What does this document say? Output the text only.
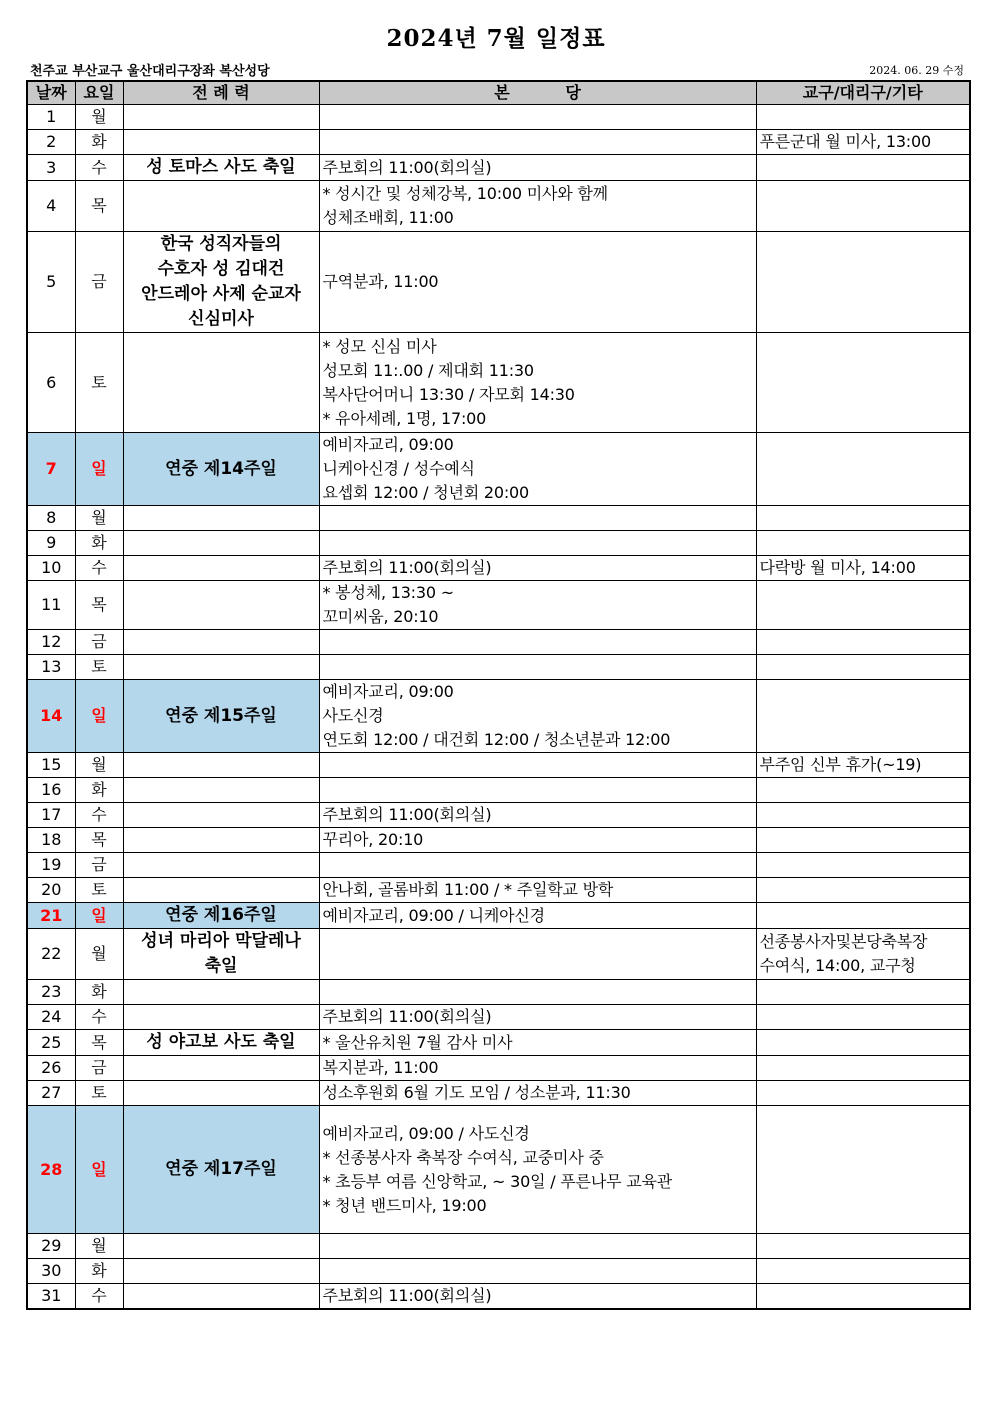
2024년 7월 일정표
천주교 부산교구 울산대리구장좌 복산성당	2024. 06. 29 수정
날짜	요일	전 례 력	본          당	교구/대리구/기타
1	월			
2	화			푸른군대 월 미사, 13:00
3	수	성 토마스 사도 축일	주보회의 11:00(회의실)	
4	목		* 성시간 및 성체강복, 10:00 미사와 함께
성체조배회, 11:00	
5	금	한국 성직자들의
수호자 성 김대건
안드레아 사제 순교자
신심미사	구역분과, 11:00	
6	토		* 성모 신심 미사
성모회 11:.00 / 제대회 11:30
복사단어머니 13:30 / 자모회 14:30
* 유아세례, 1명, 17:00	
7	일	연중 제14주일	예비자교리, 09:00
니케아신경 / 성수예식
요셉회 12:00 / 청년회 20:00	
8	월			
9	화			
10	수		주보회의 11:00(회의실)	다락방 월 미사, 14:00
11	목		* 봉성체, 13:30 ~
꼬미씨움, 20:10	
12	금			
13	토			
14	일	연중 제15주일	예비자교리, 09:00
사도신경
연도회 12:00 / 대건회 12:00 / 청소년분과 12:00	
15	월			부주임 신부 휴가(~19)
16	화			
17	수		주보회의 11:00(회의실)	
18	목		꾸리아, 20:10	
19	금			
20	토		안나회, 골롬바회 11:00 / * 주일학교 방학	
21	일	연중 제16주일	예비자교리, 09:00 / 니케아신경	
22	월	성녀 마리아 막달레나
축일		선종봉사자및본당축복장
수여식, 14:00, 교구청
23	화			
24	수		주보회의 11:00(회의실)	
25	목	성 야고보 사도 축일	* 울산유치원 7월 감사 미사	
26	금		복지분과, 11:00	
27	토		성소후원회 6월 기도 모임 / 성소분과, 11:30	
28	일	연중 제17주일	예비자교리, 09:00 / 사도신경
* 선종봉사자 축복장 수여식, 교중미사 중
* 초등부 여름 신앙학교, ~ 30일 / 푸른나무 교육관
* 청년 밴드미사, 19:00	
29	월			
30	화			
31	수		주보회의 11:00(회의실)	
